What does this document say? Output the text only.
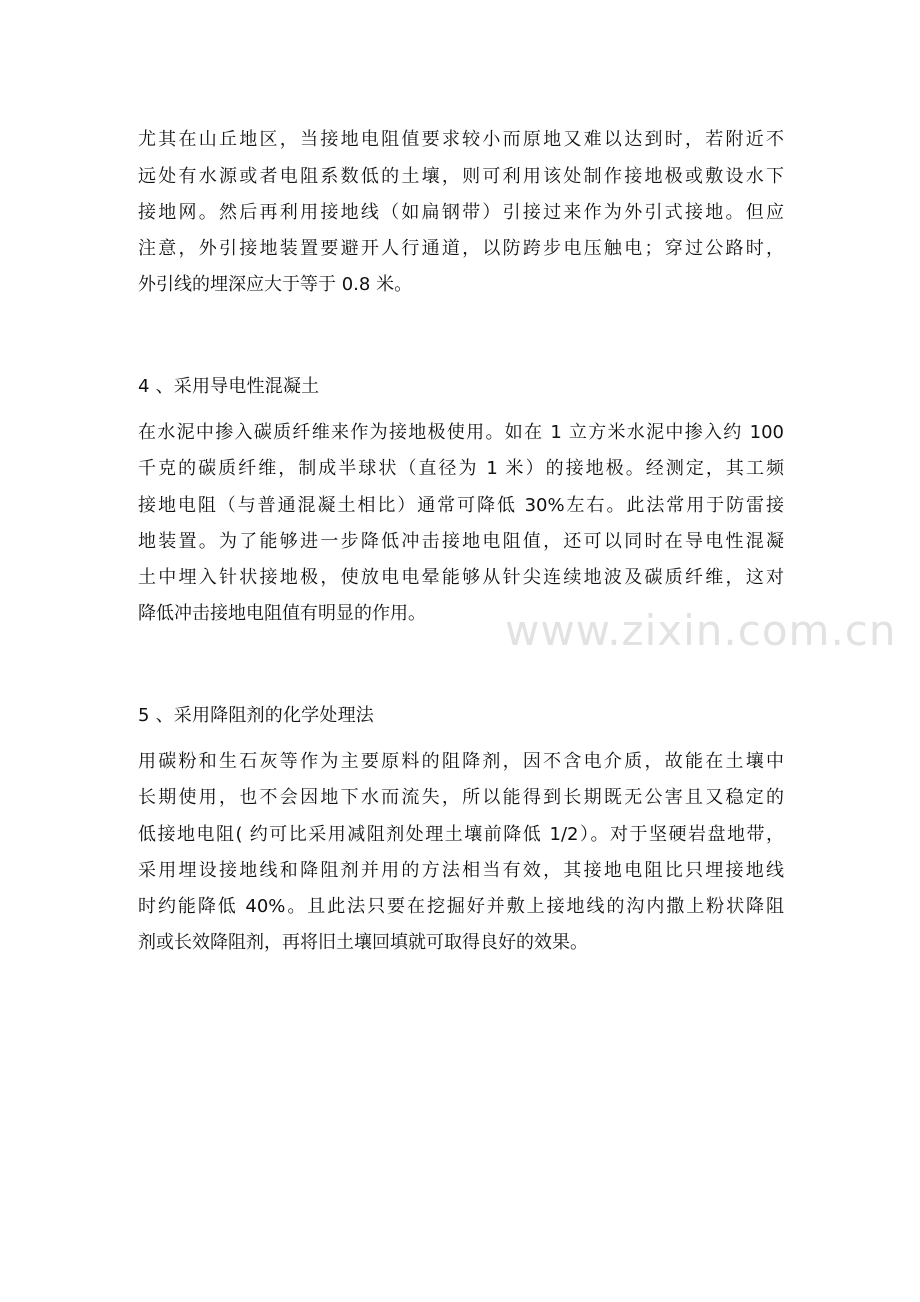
www.zixin.com.cn
尤其在山丘地区，当接地电阻值要求较小而原地又难以达到时，若附近不
远处有水源或者电阻系数低的土壤，则可利用该处制作接地极或敷设水下
接地网。然后再利用接地线（如扁钢带）引接过来作为外引式接地。但应
注意，外引接地装置要避开人行通道，以防跨步电压触电；穿过公路时，
外引线的埋深应大于等于 0.8 米。
4 、采用导电性混凝土
在水泥中掺入碳质纤维来作为接地极使用。如在 1 立方米水泥中掺入约 100
千克的碳质纤维，制成半球状（直径为 1 米）的接地极。经测定，其工频
接地电阻（与普通混凝土相比）通常可降低 30%左右。此法常用于防雷接
地装置。为了能够进一步降低冲击接地电阻值，还可以同时在导电性混凝
土中埋入针状接地极，使放电电晕能够从针尖连续地波及碳质纤维，这对
降低冲击接地电阻值有明显的作用。
5 、采用降阻剂的化学处理法
用碳粉和生石灰等作为主要原料的阻降剂，因不含电介质，故能在土壤中
长期使用，也不会因地下水而流失，所以能得到长期既无公害且又稳定的
低接地电阻( 约可比采用减阻剂处理土壤前降低 1/2）。对于坚硬岩盘地带，
采用埋设接地线和降阻剂并用的方法相当有效，其接地电阻比只埋接地线
时约能降低 40%。且此法只要在挖掘好并敷上接地线的沟内撒上粉状降阻
剂或长效降阻剂，再将旧土壤回填就可取得良好的效果。
